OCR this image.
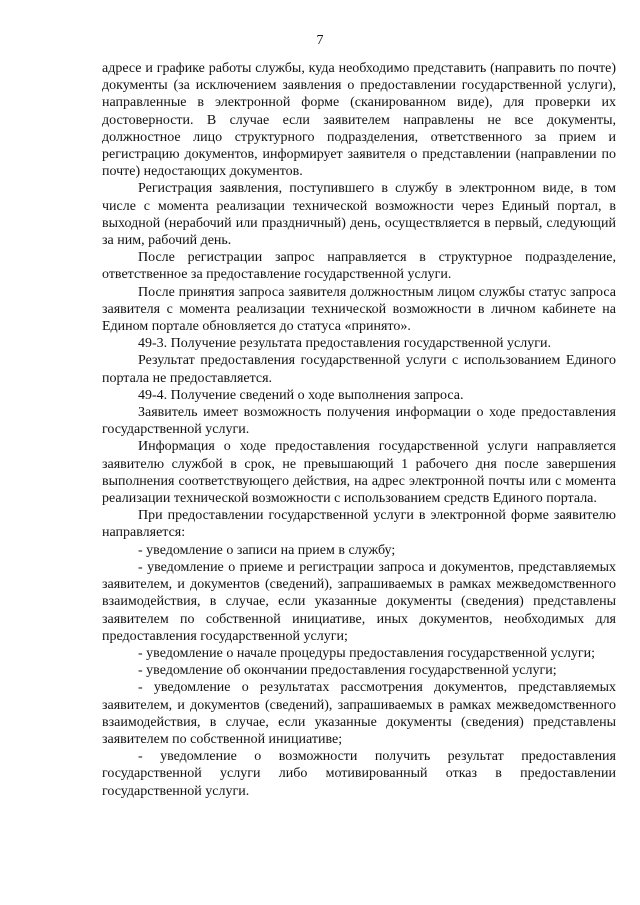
7

адресе и графике работы службы, куда необходимо представить (направить по почте) документы (за исключением заявления о предоставлении государственной услуги), направленные в электронной форме (сканированном виде), для проверки их достоверности. В случае если заявителем направлены не все документы, должностное лицо структурного подразделения, ответственного за прием и регистрацию документов, информирует заявителя о представлении (направлении по почте) недостающих документов.

Регистрация заявления, поступившего в службу в электронном виде, в том числе с момента реализации технической возможности через Единый портал, в выходной (нерабочий или праздничный) день, осуществляется в первый, следующий за ним, рабочий день.

После регистрации запрос направляется в структурное подразделение, ответственное за предоставление государственной услуги.

После принятия запроса заявителя должностным лицом службы статус запроса заявителя с момента реализации технической возможности в личном кабинете на Едином портале обновляется до статуса «принято».

49-3. Получение результата предоставления государственной услуги.

Результат предоставления государственной услуги с использованием Единого портала не предоставляется.

49-4. Получение сведений о ходе выполнения запроса.

Заявитель имеет возможность получения информации о ходе предоставления государственной услуги.

Информация о ходе предоставления государственной услуги направляется заявителю службой в срок, не превышающий 1 рабочего дня после завершения выполнения соответствующего действия, на адрес электронной почты или с момента реализации технической возможности с использованием средств Единого портала.

При предоставлении государственной услуги в электронной форме заявителю направляется:

- уведомление о записи на прием в службу;

- уведомление о приеме и регистрации запроса и документов, представляемых заявителем, и документов (сведений), запрашиваемых в рамках межведомственного взаимодействия, в случае, если указанные документы (сведения) представлены заявителем по собственной инициативе, иных документов, необходимых для предоставления государственной услуги;

- уведомление о начале процедуры предоставления государственной услуги;

- уведомление об окончании предоставления государственной услуги;

- уведомление о результатах рассмотрения документов, представляемых заявителем, и документов (сведений), запрашиваемых в рамках межведомственного взаимодействия, в случае, если указанные документы (сведения) представлены заявителем по собственной инициативе;

- уведомление о возможности получить результат предоставления государственной услуги либо мотивированный отказ в предоставлении государственной услуги.
